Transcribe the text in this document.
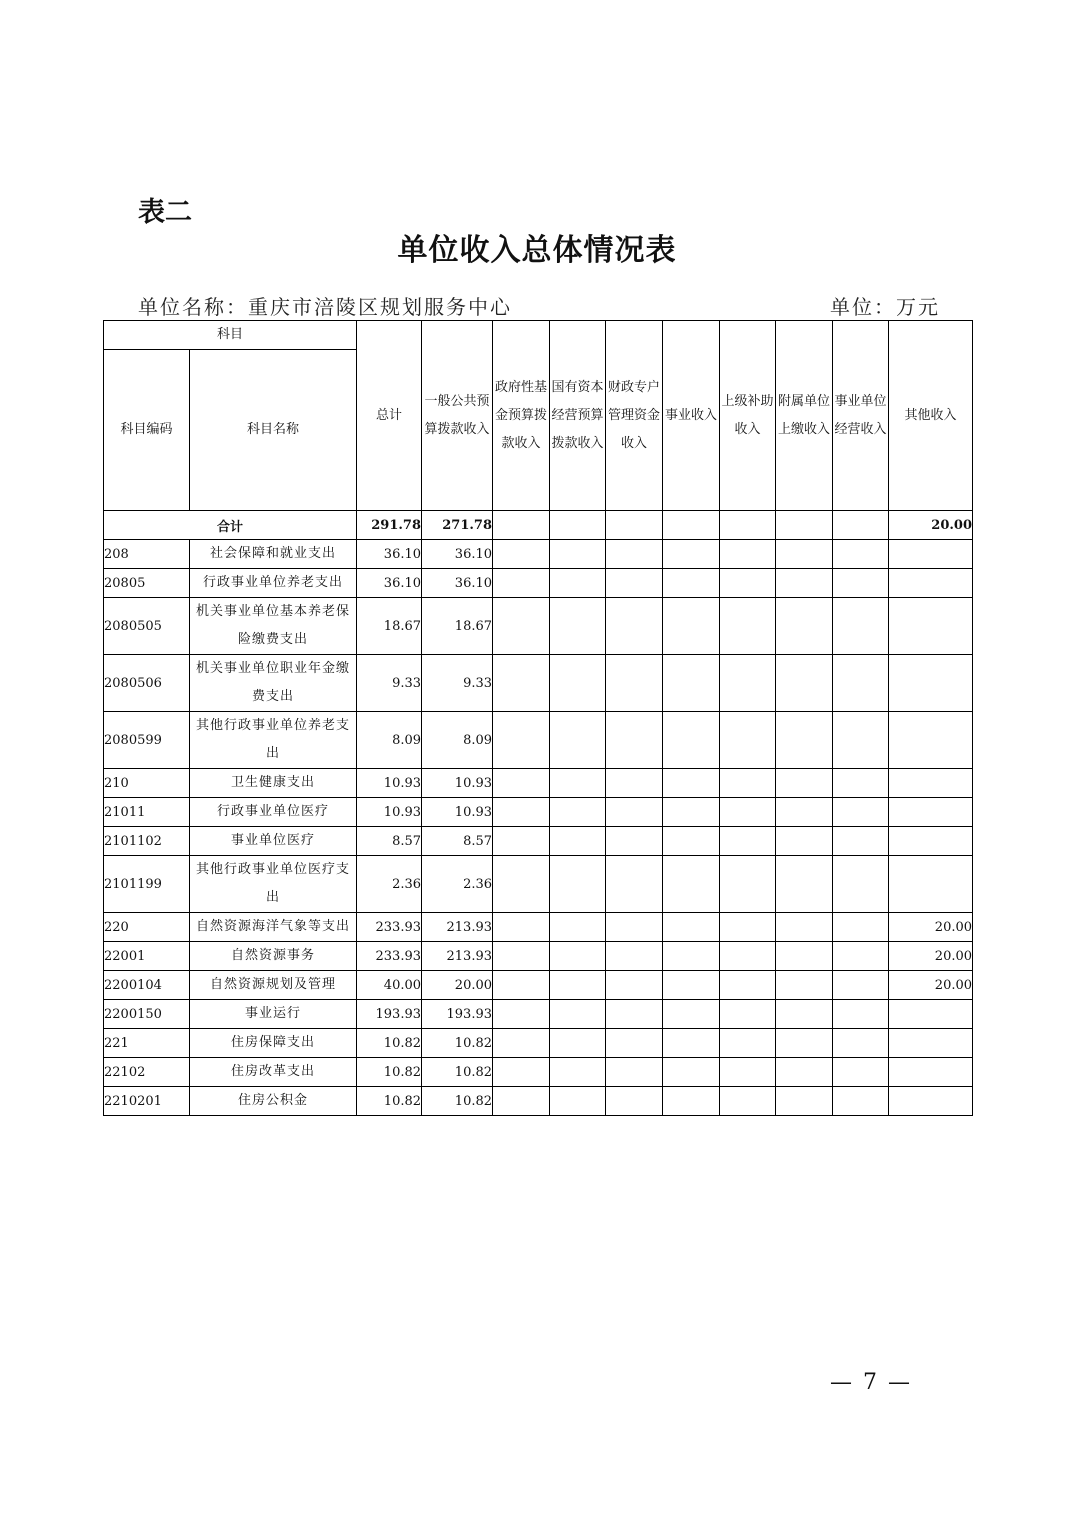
表二
单位收入总体情况表
单位名称：重庆市涪陵区规划服务中心	单位：万元
科目		总计	一般公共预算拨款收入	政府性基金预算拨款收入	国有资本经营预算拨款收入	财政专户管理资金收入	事业收入	上级补助收入	附属单位上缴收入	事业单位经营收入	其他收入
科目编码	科目名称										
合计		291.78	271.78								20.00
208	社会保障和就业支出	36.10	36.10								
20805	行政事业单位养老支出	36.10	36.10								
2080505	机关事业单位基本养老保险缴费支出	18.67	18.67								
2080506	机关事业单位职业年金缴费支出	9.33	9.33								
2080599	其他行政事业单位养老支出	8.09	8.09								
210	卫生健康支出	10.93	10.93								
21011	行政事业单位医疗	10.93	10.93								
2101102	事业单位医疗	8.57	8.57								
2101199	其他行政事业单位医疗支出	2.36	2.36								
220	自然资源海洋气象等支出	233.93	213.93								20.00
22001	自然资源事务	233.93	213.93								20.00
2200104	自然资源规划及管理	40.00	20.00								20.00
2200150	事业运行	193.93	193.93								
221	住房保障支出	10.82	10.82								
22102	住房改革支出	10.82	10.82								
2210201	住房公积金	10.82	10.82								
— 7 —
